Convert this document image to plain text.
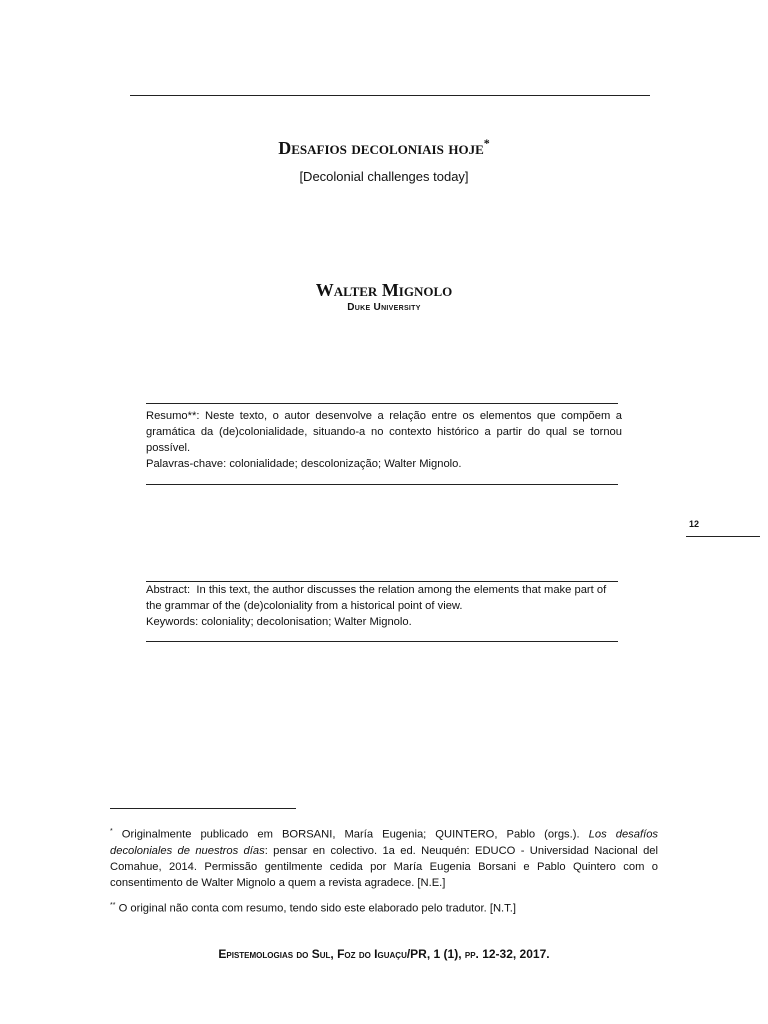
Desafios decoloniais hoje*
[Decolonial challenges today]
Walter Mignolo
Duke University

Resumo**: Neste texto, o autor desenvolve a relação entre os elementos que compõem a gramática da (de)colonialidade, situando-a no contexto histórico a partir do qual se tornou possível.

Palavras-chave: colonialidade; descolonização; Walter Mignolo.

12

Abstract: In this text, the author discusses the relation among the elements that make part of the grammar of the (de)coloniality from a historical point of view.

Keywords: coloniality; decolonisation; Walter Mignolo.

* Originalmente publicado em BORSANI, María Eugenia; QUINTERO, Pablo (orgs.). Los desafíos decoloniales de nuestros días: pensar en colectivo. 1a ed. Neuquén: EDUCO - Universidad Nacional del Comahue, 2014. Permissão gentilmente cedida por María Eugenia Borsani e Pablo Quintero com o consentimento de Walter Mignolo a quem a revista agradece. [N.E.]

** O original não conta com resumo, tendo sido este elaborado pelo tradutor. [N.T.]

Epistemologias do Sul, Foz do Iguaçu/PR, 1 (1), pp. 12-32, 2017.
